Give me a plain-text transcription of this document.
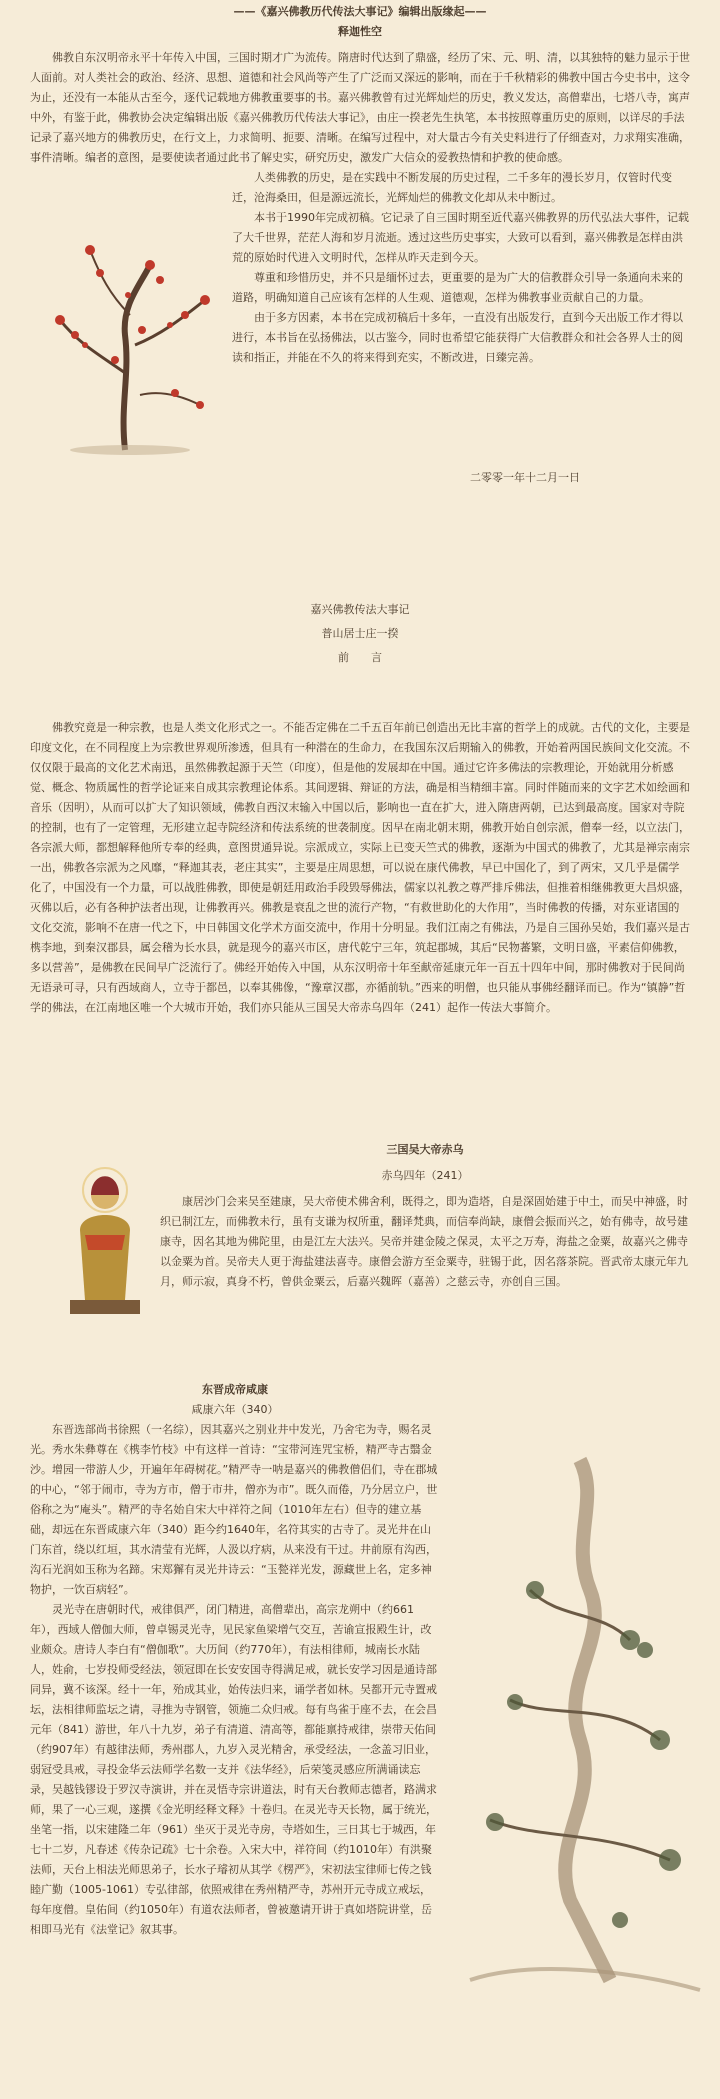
——《嘉兴佛教历代传法大事记》编辑出版缘起——
释迦性空

佛教自东汉明帝永平十年传入中国，三国时期才广为流传。隋唐时代达到了鼎盛，经历了宋、元、明、清，以其独特的魅力显示于世人面前。对人类社会的政治、经济、思想、道德和社会风尚等产生了广泛而又深远的影响，而在于千秋精彩的佛教中国古今史书中，这令为止，还没有一本能从古至今，逐代记载地方佛教重要事的书。嘉兴佛教曾有过光辉灿烂的历史，教义发达，高僧辈出，七塔八寺，寓声中外，有鉴于此，佛教协会决定编辑出版《嘉兴佛教历代传法大事记》，由庄一揆老先生执笔，本书按照尊重历史的原则，以详尽的手法记录了嘉兴地方的佛教历史，在行文上，力求简明、扼要、清晰。在编写过程中，对大量古今有关史料进行了仔细查对，力求翔实准确，事件清晰。编者的意图，是要使读者通过此书了解史实，研究历史，激发广大信众的爱教热情和护教的使命感。

人类佛教的历史，是在实践中不断发展的历史过程，二千多年的漫长岁月，仅管时代变迁，沧海桑田，但是源远流长，光辉灿烂的佛教文化却从未中断过。

本书于1990年完成初稿。它记录了自三国时期至近代嘉兴佛教界的历代弘法大事件，记载了大千世界，茫茫人海和岁月流逝。透过这些历史事实，大致可以看到，嘉兴佛教是怎样由洪荒的原始时代进入文明时代，怎样从昨天走到今天。

尊重和珍惜历史，并不只是缅怀过去，更重要的是为广大的信教群众引导一条通向未来的道路，明确知道自己应该有怎样的人生观、道德观，怎样为佛教事业贡献自己的力量。

由于多方因素，本书在完成初稿后十多年，一直没有出版发行，直到今天出版工作才得以进行，本书旨在弘扬佛法，以古鉴今，同时也希望它能获得广大信教群众和社会各界人士的阅读和指正，并能在不久的将来得到充实，不断改进，日臻完善。

二零零一年十二月一日
嘉兴佛教传法大事记
普山居士庄一揆
前　　言

佛教究竟是一种宗教，也是人类文化形式之一。不能否定佛在二千五百年前已创造出无比丰富的哲学上的成就。古代的文化，主要是印度文化，在不同程度上为宗教世界观所渗透，但具有一种潜在的生命力，在我国东汉后期输入的佛教，开始着两国民族间文化交流。不仅仅限于最高的文化艺术南迅，虽然佛教起源于天竺（印度），但是他的发展却在中国。通过它许多佛法的宗教理论，开始就用分析感觉、概念、物质属性的哲学论证来自成其宗教理论体系。其间逻辑、辩证的方法，确是相当精细丰富。同时伴随而来的文字艺术如绘画和音乐（因明），从而可以扩大了知识领域，佛教自西汉末输入中国以后，影响也一直在扩大，进入隋唐两朝，已达到最高度。国家对寺院的控制，也有了一定管理，无形建立起寺院经济和传法系统的世袭制度。因早在南北朝末期，佛教开始自创宗派，僧奉一经，以立法门，各宗派大师，都想解释他所专奉的经典，意图贯通异说。宗派成立，实际上已变天竺式的佛教，逐渐为中国式的佛教了，尤其是禅宗南宗一出，佛教各宗派为之风靡，“释迦其表，老庄其实”，主要是庄周思想，可以说在康代佛教，早已中国化了，到了两宋，又几乎是儒学化了，中国没有一个力量，可以战胜佛教，即使是朝廷用政治手段毁辱佛法，儒家以礼教之尊严排斥佛法，但推着相继佛教更大昌炽盛，灭佛以后，必有各种护法者出现，让佛教再兴。佛教是衰乱之世的流行产物，“有救世助化的大作用”，当时佛教的传播，对东亚诸国的文化交流，影响不在唐一代之下，中日韩国文化学术方面交流中，作用十分明显。我们江南之有佛法，乃是自三国孙吴始，我们嘉兴是古槜李地，到秦汉郡县，属会稽为长水县，就是现今的嘉兴市区，唐代乾宁三年，筑起郡城，其后“民物蕃繁，文明日盛，平素信仰佛教，多以营善”，是佛教在民间早广泛流行了。佛经开始传入中国，从东汉明帝十年至献帝延康元年一百五十四年中间，那时佛教对于民间尚无语录可寻，只有西域商人，立寺于都邑，以奉其佛像，“豫章汉郡，亦循前轨。”西来的明僧，也只能从事佛经翻译而已。作为“镇静”哲学的佛法，在江南地区唯一个大城市开始，我们亦只能从三国吴大帝赤乌四年（241）起作一传法大事简介。

三国吴大帝赤乌
赤乌四年（241）

康居沙门会来吴至建康，吴大帝使术佛舍利，既得之，即为造塔，自是深固始建于中土，而吴中神盛，时织已制江左，而佛教未行，虽有支谦为权所重，翻译梵典，而信奉尚缺，康僧会振而兴之，始有佛寺，故号建康寺，因名其地为佛陀里，由是江左大法兴。吴帝并建金陵之保灵，太平之万寿，海盐之金粟，故嘉兴之佛寺以金粟为首。吴帝夫人更于海盐建法喜寺。康僧会游方至金粟寺，驻锡于此，因名落茶院。晋武帝太康元年九月，师示寂，真身不朽，曾供金粟云，后嘉兴魏晖（嘉善）之慈云寺，亦创自三国。

东晋成帝咸康
咸康六年（340）

东晋选部尚书徐熙（一名综），因其嘉兴之别业井中发光，乃舍宅为寺，赐名灵光。秀水朱彝尊在《槜李竹枝》中有这样一首诗：“宝带河连咒宝桥，精严寺古翳金沙。增园一带游人少，开遍年年碍树花。”精严寺一呐是嘉兴的佛教僧侣们，寺在郡城的中心，“邻于闹市，寺为方市，僧于市井，僧亦为市”。既久而倦，乃分居立户，世俗称之为“庵头”。精严的寺名始自宋大中祥符之间（1010年左右）但寺的建立基础，却远在东晋咸康六年（340）距今约1640年，名符其实的古寺了。灵光井在山门东首，绕以红垣，其水清莹有光辉，人汲以疗病，从来没有干过。井前原有沟西，沟石光润如玉称为名蹄。宋郑獬有灵光井诗云：“玉甃祥光发，源藏世上名，定多神物护，一饮百病轻”。

灵光寺在唐朝时代，戒律俱严，闭门精进，高僧辈出，高宗龙朔中（约661年），西域人僧伽大师，曾卓锡灵光寺，见民家鱼梁增气交互，苦谕宣报殿生计，改业颇众。唐诗人李白有“僧伽歌”。大历间（约770年），有法相律师，城南长水陆人，姓俞，七岁投师受经法，领冠即在长安安国寺得满足戒，就长安学习因是通诗部同异，冀不该深。经十一年，殆成其业，始传法归来，诵学者如林。吴都开元寺置戒坛，法相律师监坛之请，寻推为寺钢管，领施二众归戒。每有鸟雀于座不去，在会昌元年（841）游世，年八十九岁，弟子有清道、清高等，都能禀持戒律，崇带天佑间（约907年）有越律法师，秀州郡人，九岁入灵光精舍，承受经法，一念盖习旧业，弱冠受具戒，寻投金华云法师学名数一支并《法华经》，后荣笺灵感应所满诵读忘录，吴越钱镠设于罗汉寺演讲，并在灵悟寺宗讲道法，时有天台教师志德者，路满求师，果了一心三观，遂撰《金光明经释文释》十卷归。在灵光寺天长物，属于统光，坐笔一指，以宋建隆二年（961）坐灭于灵光寺房，寺塔如生，三日其七于城西，年七十二岁，凡春述《传杂记疏》七十余卷。入宋大中，祥符间（约1010年）有洪聚法师，天台上相法光师思弟子，长水子璿初从其学《楞严》，宋初法宝律师七传之钱睦广勤（1005-1061）专弘律部，依照戒律在秀州精严寺，苏州开元寺成立戒坛，每年度僧。皇佑间（约1050年）有道农法师者，曾被邀请开讲于真如塔院讲堂，岳相即马光有《法堂记》叙其事。
